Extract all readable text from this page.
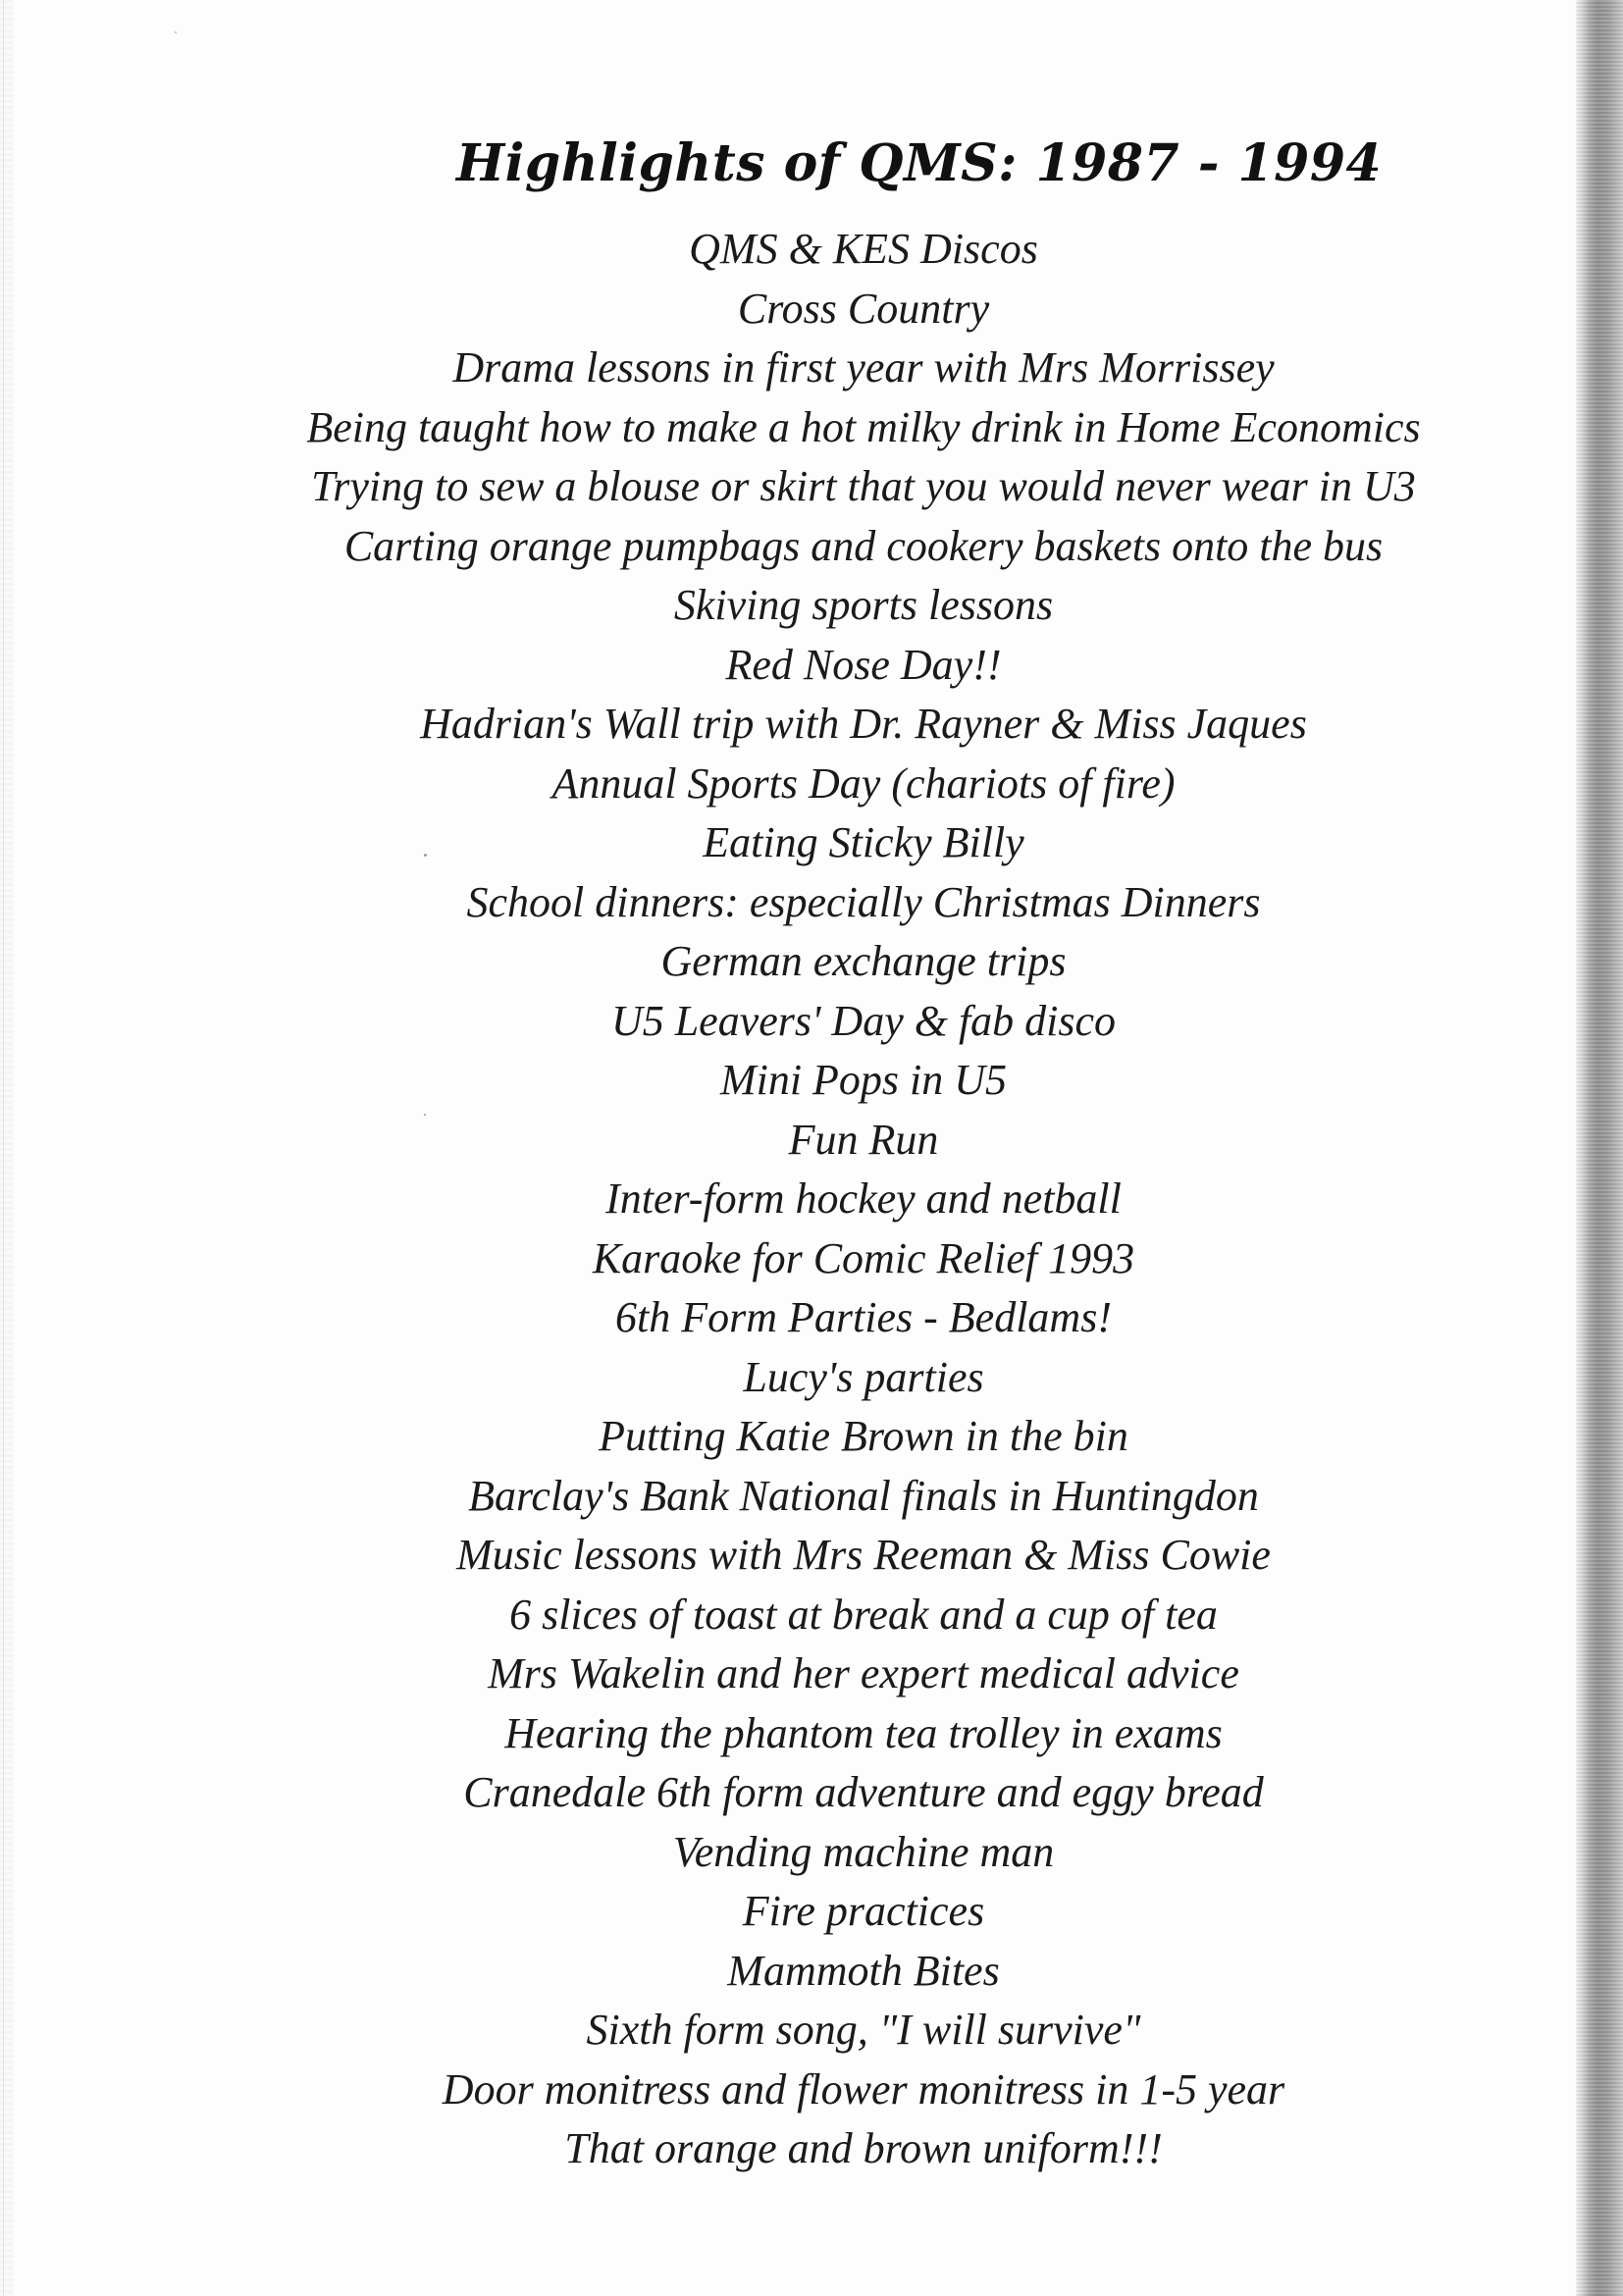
Highlights of QMS: 1987 - 1994
QMS & KES Discos
Cross Country
Drama lessons in first year with Mrs Morrissey
Being taught how to make a hot milky drink in Home Economics
Trying to sew a blouse or skirt that you would never wear in U3
Carting orange pumpbags and cookery baskets onto the bus
Skiving sports lessons
Red Nose Day!!
Hadrian's Wall trip with Dr. Rayner & Miss Jaques
Annual Sports Day (chariots of fire)
Eating Sticky Billy
School dinners: especially Christmas Dinners
German exchange trips
U5 Leavers' Day & fab disco
Mini Pops in U5
Fun Run
Inter-form hockey and netball
Karaoke for Comic Relief 1993
6th Form Parties - Bedlams!
Lucy's parties
Putting Katie Brown in the bin
Barclay's Bank National finals in Huntingdon
Music lessons with Mrs Reeman & Miss Cowie
6 slices of toast at break and a cup of tea
Mrs Wakelin and her expert medical advice
Hearing the phantom tea trolley in exams
Cranedale 6th form adventure and eggy bread
Vending machine man
Fire practices
Mammoth Bites
Sixth form song, "I will survive"
Door monitress and flower monitress in 1-5 year
That orange and brown uniform!!!
